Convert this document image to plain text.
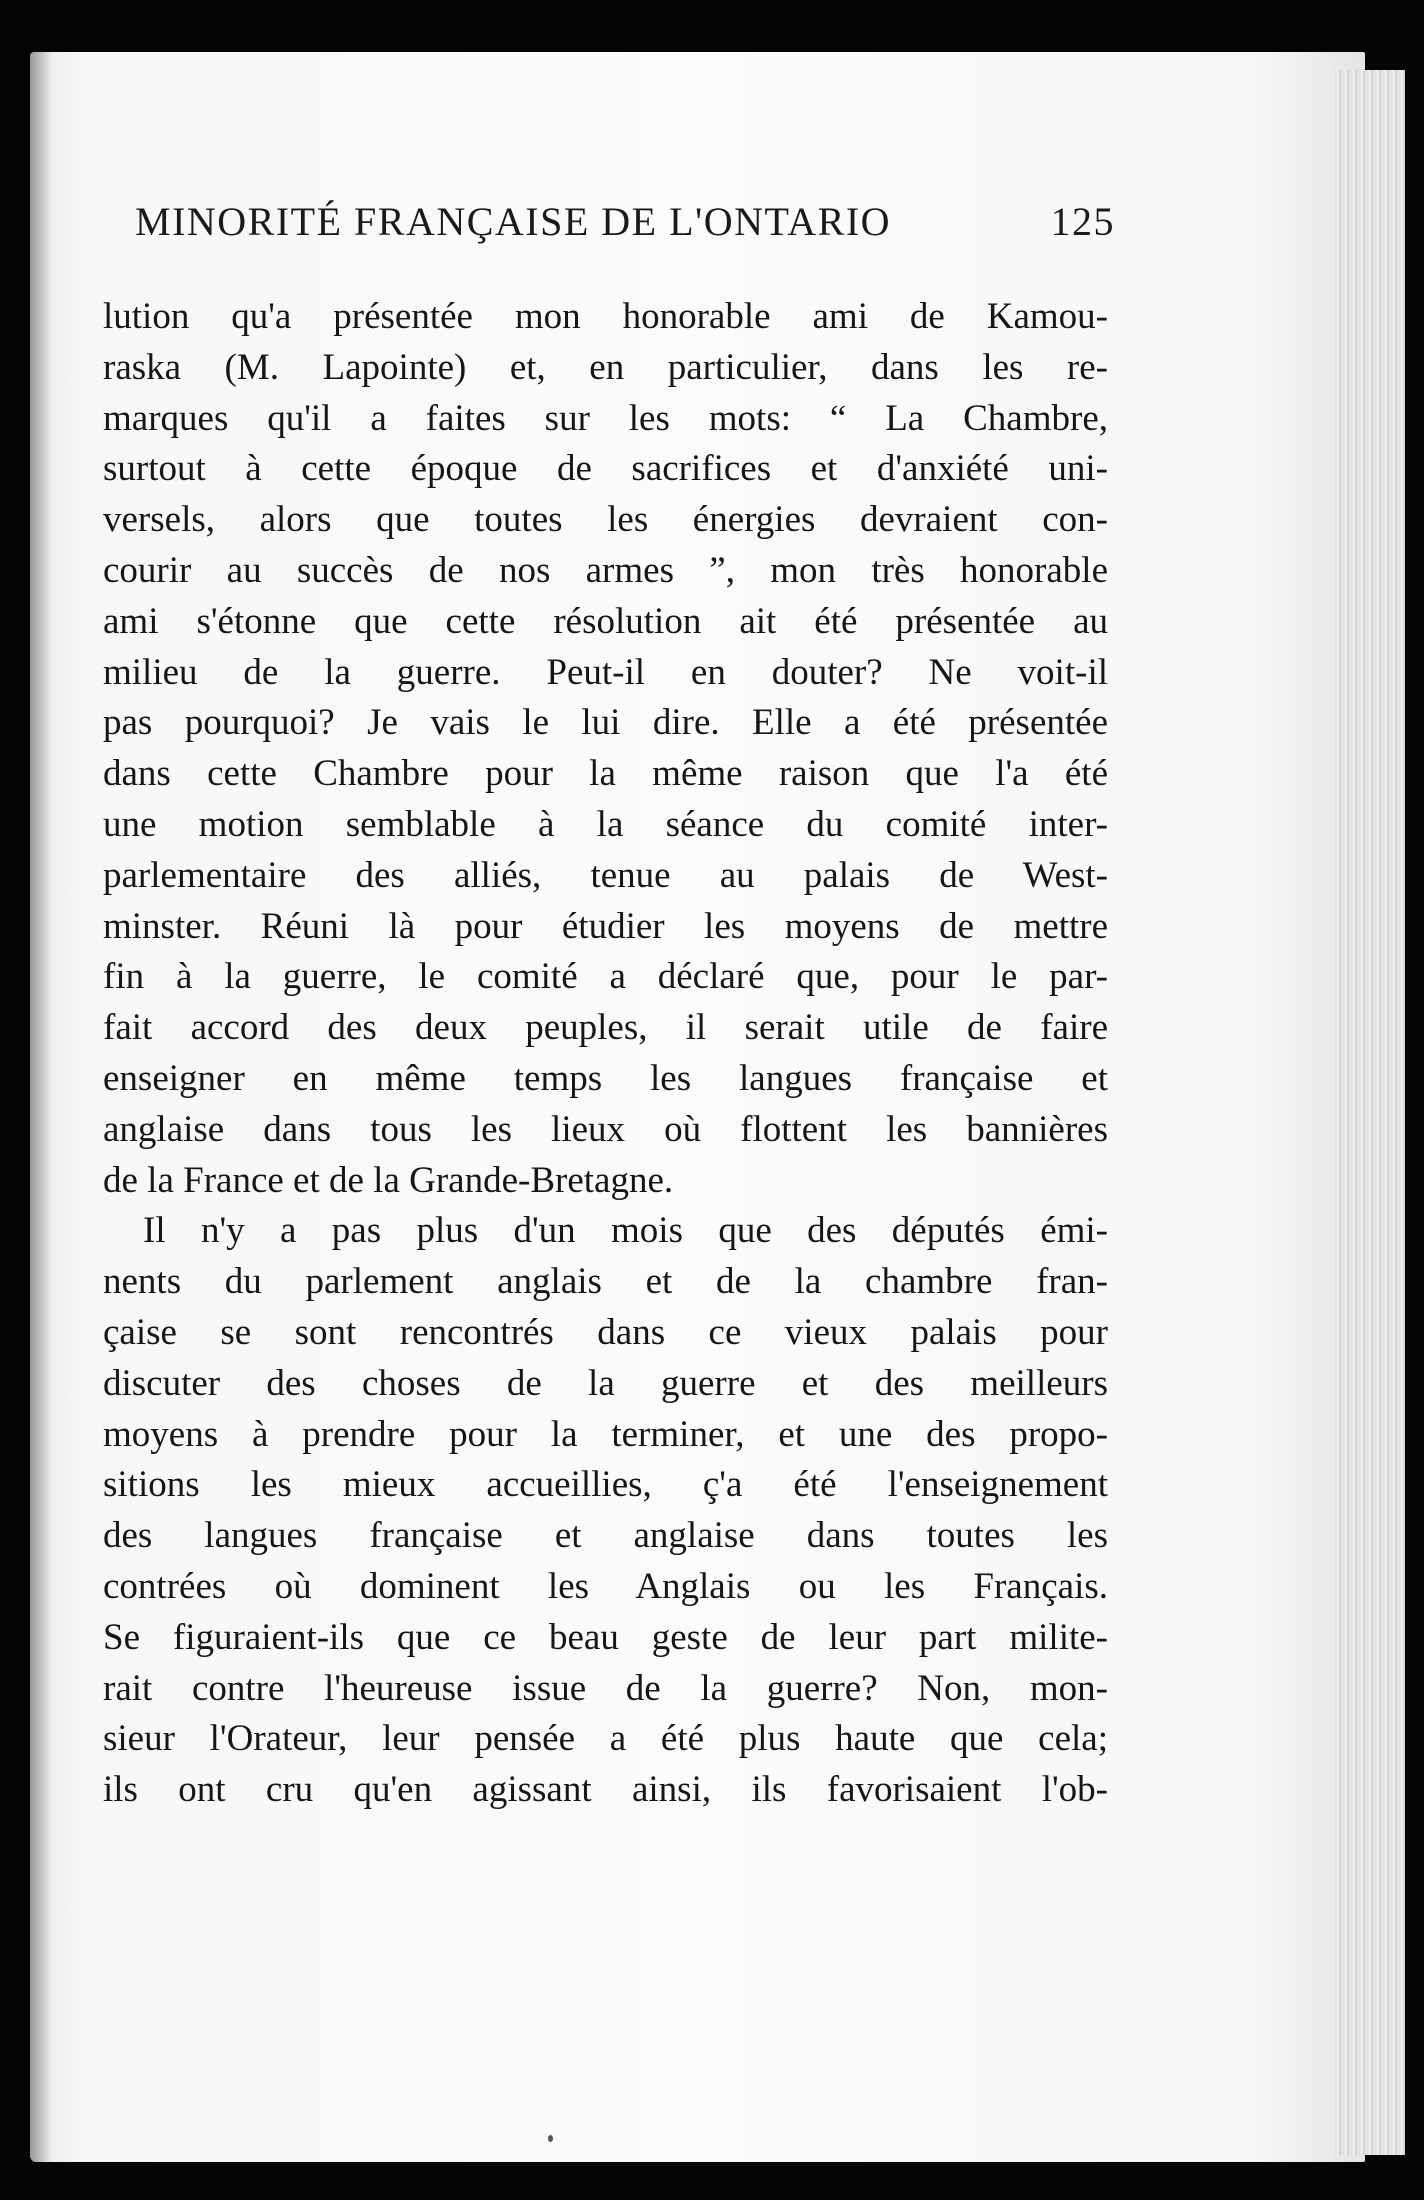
MINORITÉ FRANÇAISE DE L'ONTARIO	125
lution qu'a présentée mon honorable ami de Kamou-
raska (M. Lapointe) et, en particulier, dans les re-
marques qu'il a faites sur les mots: “ La Chambre,
surtout à cette époque de sacrifices et d'anxiété uni-
versels, alors que toutes les énergies devraient con-
courir au succès de nos armes ”, mon très honorable
ami s'étonne que cette résolution ait été présentée au
milieu de la guerre. Peut-il en douter? Ne voit-il
pas pourquoi? Je vais le lui dire. Elle a été présentée
dans cette Chambre pour la même raison que l'a été
une motion semblable à la séance du comité inter-
parlementaire des alliés, tenue au palais de West-
minster. Réuni là pour étudier les moyens de mettre
fin à la guerre, le comité a déclaré que, pour le par-
fait accord des deux peuples, il serait utile de faire
enseigner en même temps les langues française et
anglaise dans tous les lieux où flottent les bannières
de la France et de la Grande-Bretagne.
Il n'y a pas plus d'un mois que des députés émi-
nents du parlement anglais et de la chambre fran-
çaise se sont rencontrés dans ce vieux palais pour
discuter des choses de la guerre et des meilleurs
moyens à prendre pour la terminer, et une des propo-
sitions les mieux accueillies, ç'a été l'enseignement
des langues française et anglaise dans toutes les
contrées où dominent les Anglais ou les Français.
Se figuraient-ils que ce beau geste de leur part milite-
rait contre l'heureuse issue de la guerre? Non, mon-
sieur l'Orateur, leur pensée a été plus haute que cela;
ils ont cru qu'en agissant ainsi, ils favorisaient l'ob-
